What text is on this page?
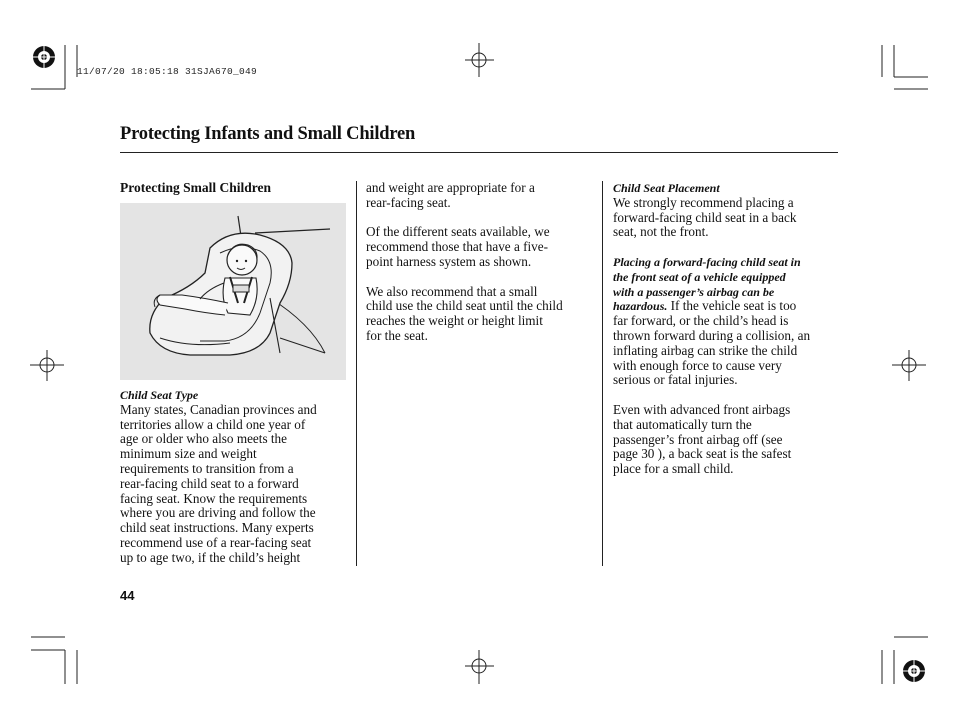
11/07/20 18:05:18 31SJA670_049
Protecting Infants and Small Children

Protecting Small Children

Child Seat Type

Many states, Canadian provinces and
territories allow a child one year of
age or older who also meets the
minimum size and weight
requirements to transition from a
rear-facing child seat to a forward
facing seat. Know the requirements
where you are driving and follow the
child seat instructions. Many experts
recommend use of a rear-facing seat
up to age two, if the child’s height

and weight are appropriate for a
rear-facing seat.

Of the different seats available, we
recommend those that have a five-
point harness system as shown.

We also recommend that a small
child use the child seat until the child
reaches the weight or height limit
for the seat.

Child Seat Placement

We strongly recommend placing a
forward-facing child seat in a back
seat, not the front.

Placing a forward-facing child seat in
the front seat of a vehicle equipped
with a passenger’s airbag can be
hazardous. If the vehicle seat is too
far forward, or the child’s head is
thrown forward during a collision, an
inflating airbag can strike the child
with enough force to cause very
serious or fatal injuries.

Even with advanced front airbags
that automatically turn the
passenger’s front airbag off (see
page 30 ), a back seat is the safest
place for a small child.

44
